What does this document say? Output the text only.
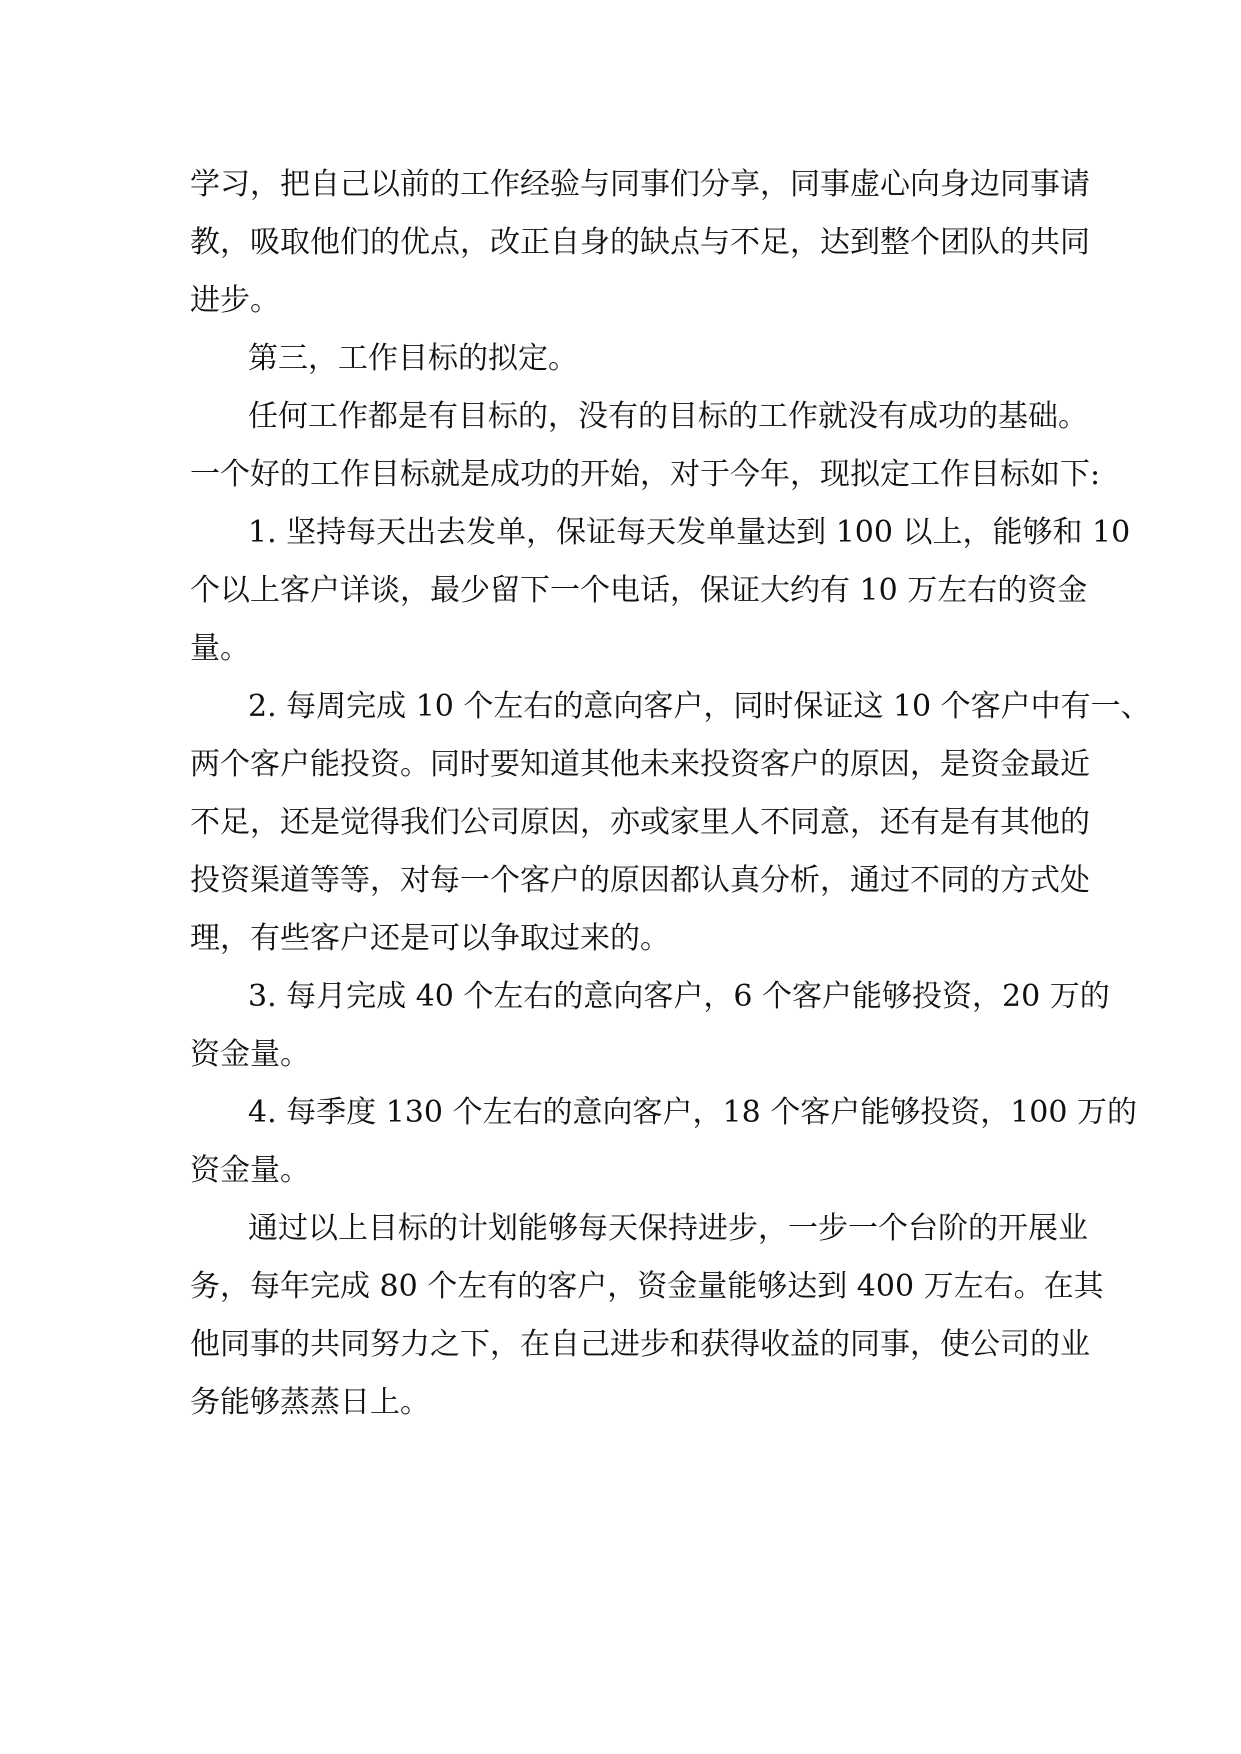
学习，把自己以前的工作经验与同事们分享，同事虚心向身边同事请
教，吸取他们的优点，改正自身的缺点与不足，达到整个团队的共同
进步。

第三，工作目标的拟定。

任何工作都是有目标的，没有的目标的工作就没有成功的基础。
一个好的工作目标就是成功的开始，对于今年，现拟定工作目标如下:

1. 坚持每天出去发单，保证每天发单量达到 100 以上，能够和 10
个以上客户详谈，最少留下一个电话，保证大约有 10 万左右的资金
量。

2. 每周完成 10 个左右的意向客户，同时保证这 10 个客户中有一、
两个客户能投资。同时要知道其他未来投资客户的原因，是资金最近
不足，还是觉得我们公司原因，亦或家里人不同意，还有是有其他的
投资渠道等等，对每一个客户的原因都认真分析，通过不同的方式处
理，有些客户还是可以争取过来的。

3. 每月完成 40 个左右的意向客户，6 个客户能够投资，20 万的
资金量。

4. 每季度 130 个左右的意向客户，18 个客户能够投资，100 万的
资金量。

通过以上目标的计划能够每天保持进步，一步一个台阶的开展业
务，每年完成 80 个左有的客户，资金量能够达到 400 万左右。在其
他同事的共同努力之下，在自己进步和获得收益的同事，使公司的业
务能够蒸蒸日上。
